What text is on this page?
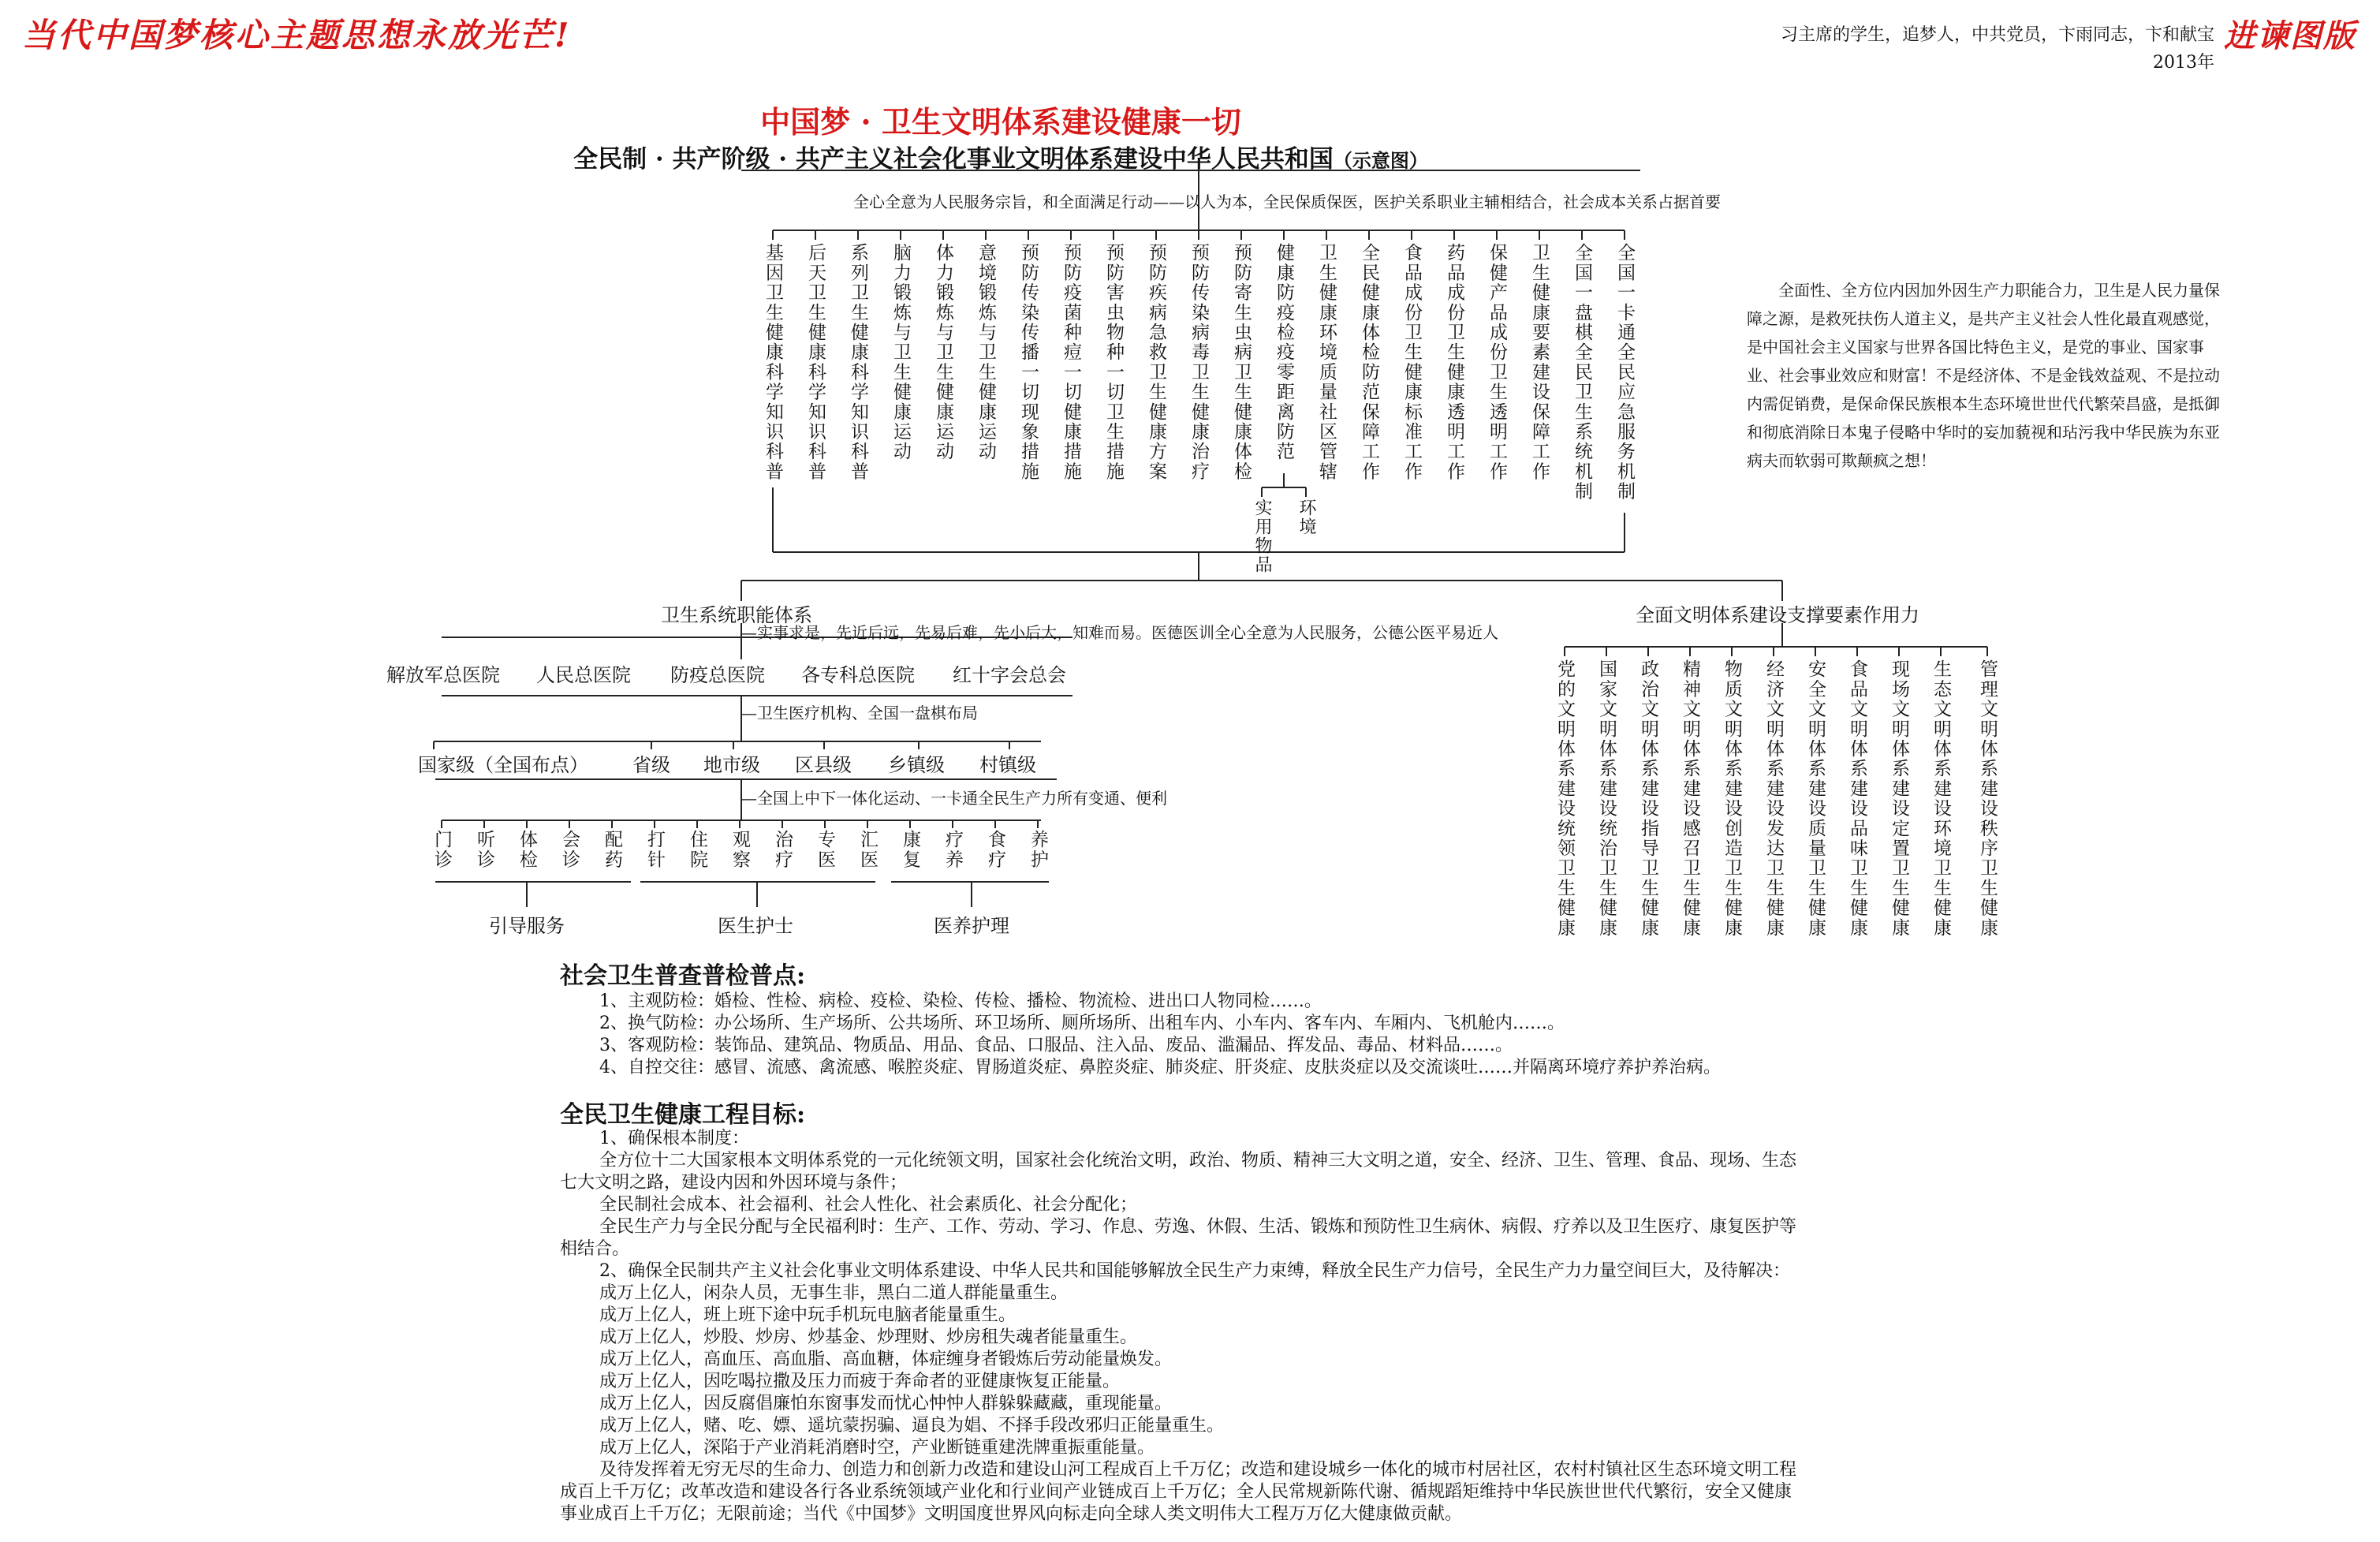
当代中国梦核心主题思想永放光芒!	习主席的学生，追梦人，中共党员，卞雨同志，卞和献宝
2013年
进谏图版
中国梦 · 卫生文明体系建设健康一切
全民制 · 共产阶级 · 共产主义社会化事业文明体系建设中华人民共和国（示意图）
全心全意为人民服务宗旨，和全面满足行动——以人为本，全民保质保医，医护关系职业主辅相结合，社会成本关系占据首要
基因卫生健康科学知识科普 后天卫生健康科学知识科普 系列卫生健康科学知识科普 脑力锻炼与卫生健康运动 体力锻炼与卫生健康运动 意境锻炼与卫生健康运动 预防传染传播一切现象措施 预防疫菌种痘一切健康措施 预防害虫物种一切卫生措施 预防疾病急救卫生健康方案 预防传染病毒卫生健康治疗 预防寄生虫病卫生健康体检 健康防疫检疫零距离防范 卫生健康环境质量社区管辖 全民健康体检防范保障工作 食品成份卫生健康标准工作 药品成份卫生健康透明工作 保健产品成份卫生透明工作 卫生健康要素建设保障工作 全国一盘棋全民卫生系统机制 全国一卡通全民应急服务机制
实用物品 环境
全面性、全方位内因加外因生产力职能合力，卫生是人民力量保障之源，是救死扶伤人道主义，是共产主义社会人性化最直观感觉，是中国社会主义国家与世界各国比特色主义，是党的事业、国家事业、社会事业效应和财富！不是经济体、不是金钱效益观、不是拉动内需促销费，是保命保民族根本生态环境世世代代繁荣昌盛，是抵御和彻底消除日本鬼子侵略中华时的妄加藐视和玷污我中华民族为东亚病夫而软弱可欺颠疯之想！
卫生系统职能体系
—实事求是，先近后远，先易后难，先小后大，知难而易。医德医训全心全意为人民服务，公德公医平易近人
解放军总医院 人民总医院 防疫总医院 各专科总医院 红十字会总会
—卫生医疗机构、全国一盘棋布局
国家级（全国布点） 省级 地市级 区县级 乡镇级 村镇级
—全国上中下一体化运动、一卡通全民生产力所有变通、便利
门诊 听诊 体检 会诊 配药 打针 住院 观察 治疗 专医 汇医 康复 疗养 食疗 养护
引导服务	医生护士	医养护理
全面文明体系建设支撑要素作用力
党的文明体系建设统领卫生健康 国家文明体系建设统治卫生健康 政治文明体系建设指导卫生健康 精神文明体系建设感召卫生健康 物质文明体系建设创造卫生健康 经济文明体系建设发达卫生健康 安全文明体系建设质量卫生健康 食品文明体系建设品味卫生健康 现场文明体系建设定置卫生健康 生态文明体系建设环境卫生健康 管理文明体系建设秩序卫生健康
社会卫生普查普检普点:
1、主观防检：婚检、性检、病检、疫检、染检、传检、播检、物流检、进出口人物同检……。
2、换气防检：办公场所、生产场所、公共场所、环卫场所、厕所场所、出租车内、小车内、客车内、车厢内、飞机舱内……。
3、客观防检：装饰品、建筑品、物质品、用品、食品、口服品、注入品、废品、滥漏品、挥发品、毒品、材料品……。
4、自控交往：感冒、流感、禽流感、喉腔炎症、胃肠道炎症、鼻腔炎症、肺炎症、肝炎症、皮肤炎症以及交流谈吐……并隔离环境疗养护养治病。
全民卫生健康工程目标:
1、确保根本制度：
全方位十二大国家根本文明体系党的一元化统领文明，国家社会化统治文明，政治、物质、精神三大文明之道，安全、经济、卫生、管理、食品、现场、生态
七大文明之路，建设内因和外因环境与条件；
全民制社会成本、社会福利、社会人性化、社会素质化、社会分配化；
全民生产力与全民分配与全民福利时：生产、工作、劳动、学习、作息、劳逸、休假、生活、锻炼和预防性卫生病休、病假、疗养以及卫生医疗、康复医护等
相结合。
2、确保全民制共产主义社会化事业文明体系建设、中华人民共和国能够解放全民生产力束缚，释放全民生产力信号，全民生产力力量空间巨大，及待解决：
成万上亿人，闲杂人员，无事生非，黑白二道人群能量重生。
成万上亿人，班上班下途中玩手机玩电脑者能量重生。
成万上亿人，炒股、炒房、炒基金、炒理财、炒房租失魂者能量重生。
成万上亿人，高血压、高血脂、高血糖，体症缠身者锻炼后劳动能量焕发。
成万上亿人，因吃喝拉撒及压力而疲于奔命者的亚健康恢复正能量。
成万上亿人，因反腐倡廉怕东窗事发而忧心忡忡人群躲躲藏藏，重现能量。
成万上亿人，赌、吃、嫖、遥坑蒙拐骗、逼良为娼、不择手段改邪归正能量重生。
成万上亿人，深陷于产业消耗消磨时空，产业断链重建洗牌重振重能量。
及待发挥着无穷无尽的生命力、创造力和创新力改造和建设山河工程成百上千万亿；改造和建设城乡一体化的城市村居社区，农村村镇社区生态环境文明工程
成百上千万亿；改革改造和建设各行各业系统领域产业化和行业间产业链成百上千万亿；全人民常规新陈代谢、循规蹈矩维持中华民族世世代代繁衍，安全又健康
事业成百上千万亿；无限前途；当代《中国梦》文明国度世界风向标走向全球人类文明伟大工程万万亿大健康做贡献。
